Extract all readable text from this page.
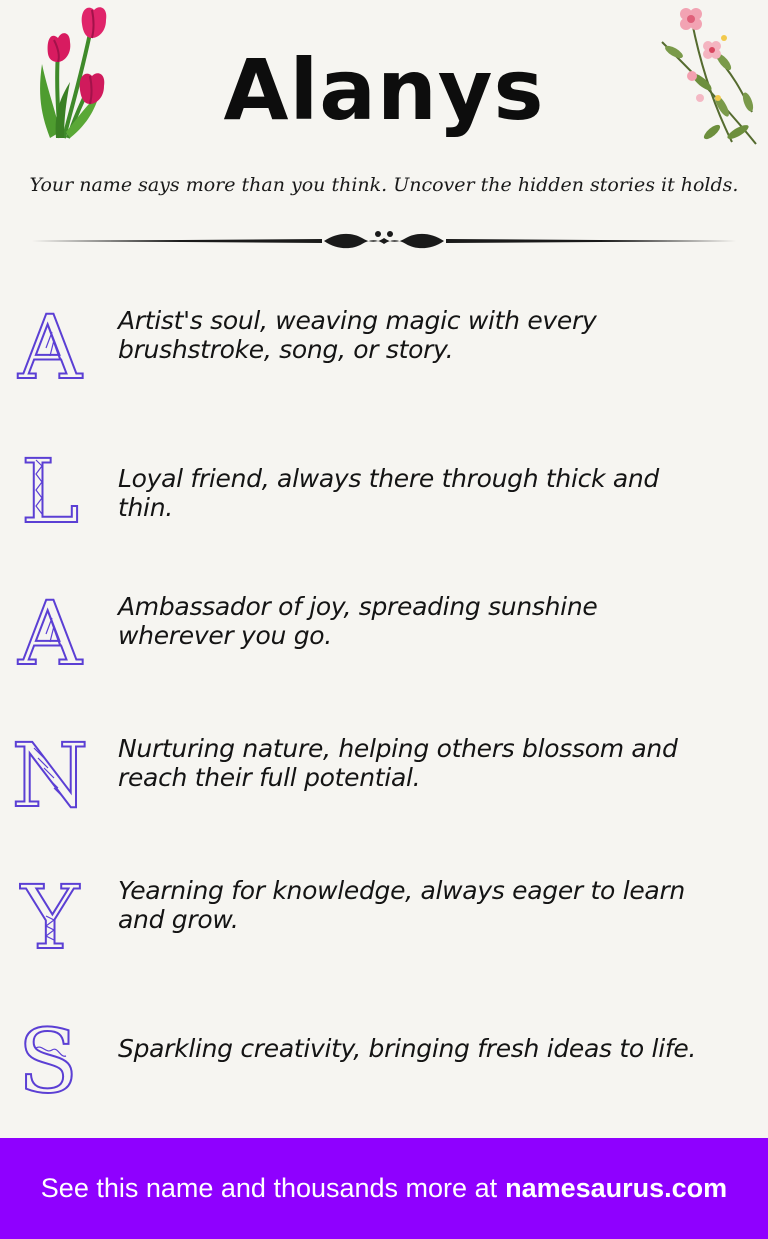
Alanys
Your name says more than you think. Uncover the hidden stories it holds.
A Artist's soul, weaving magic with every brushstroke, song, or story.
L Loyal friend, always there through thick and thin.
A Ambassador of joy, spreading sunshine wherever you go.
N Nurturing nature, helping others blossom and reach their full potential.
Y Yearning for knowledge, always eager to learn and grow.
S Sparkling creativity, bringing fresh ideas to life.
See this name and thousands more at namesaurus.com
